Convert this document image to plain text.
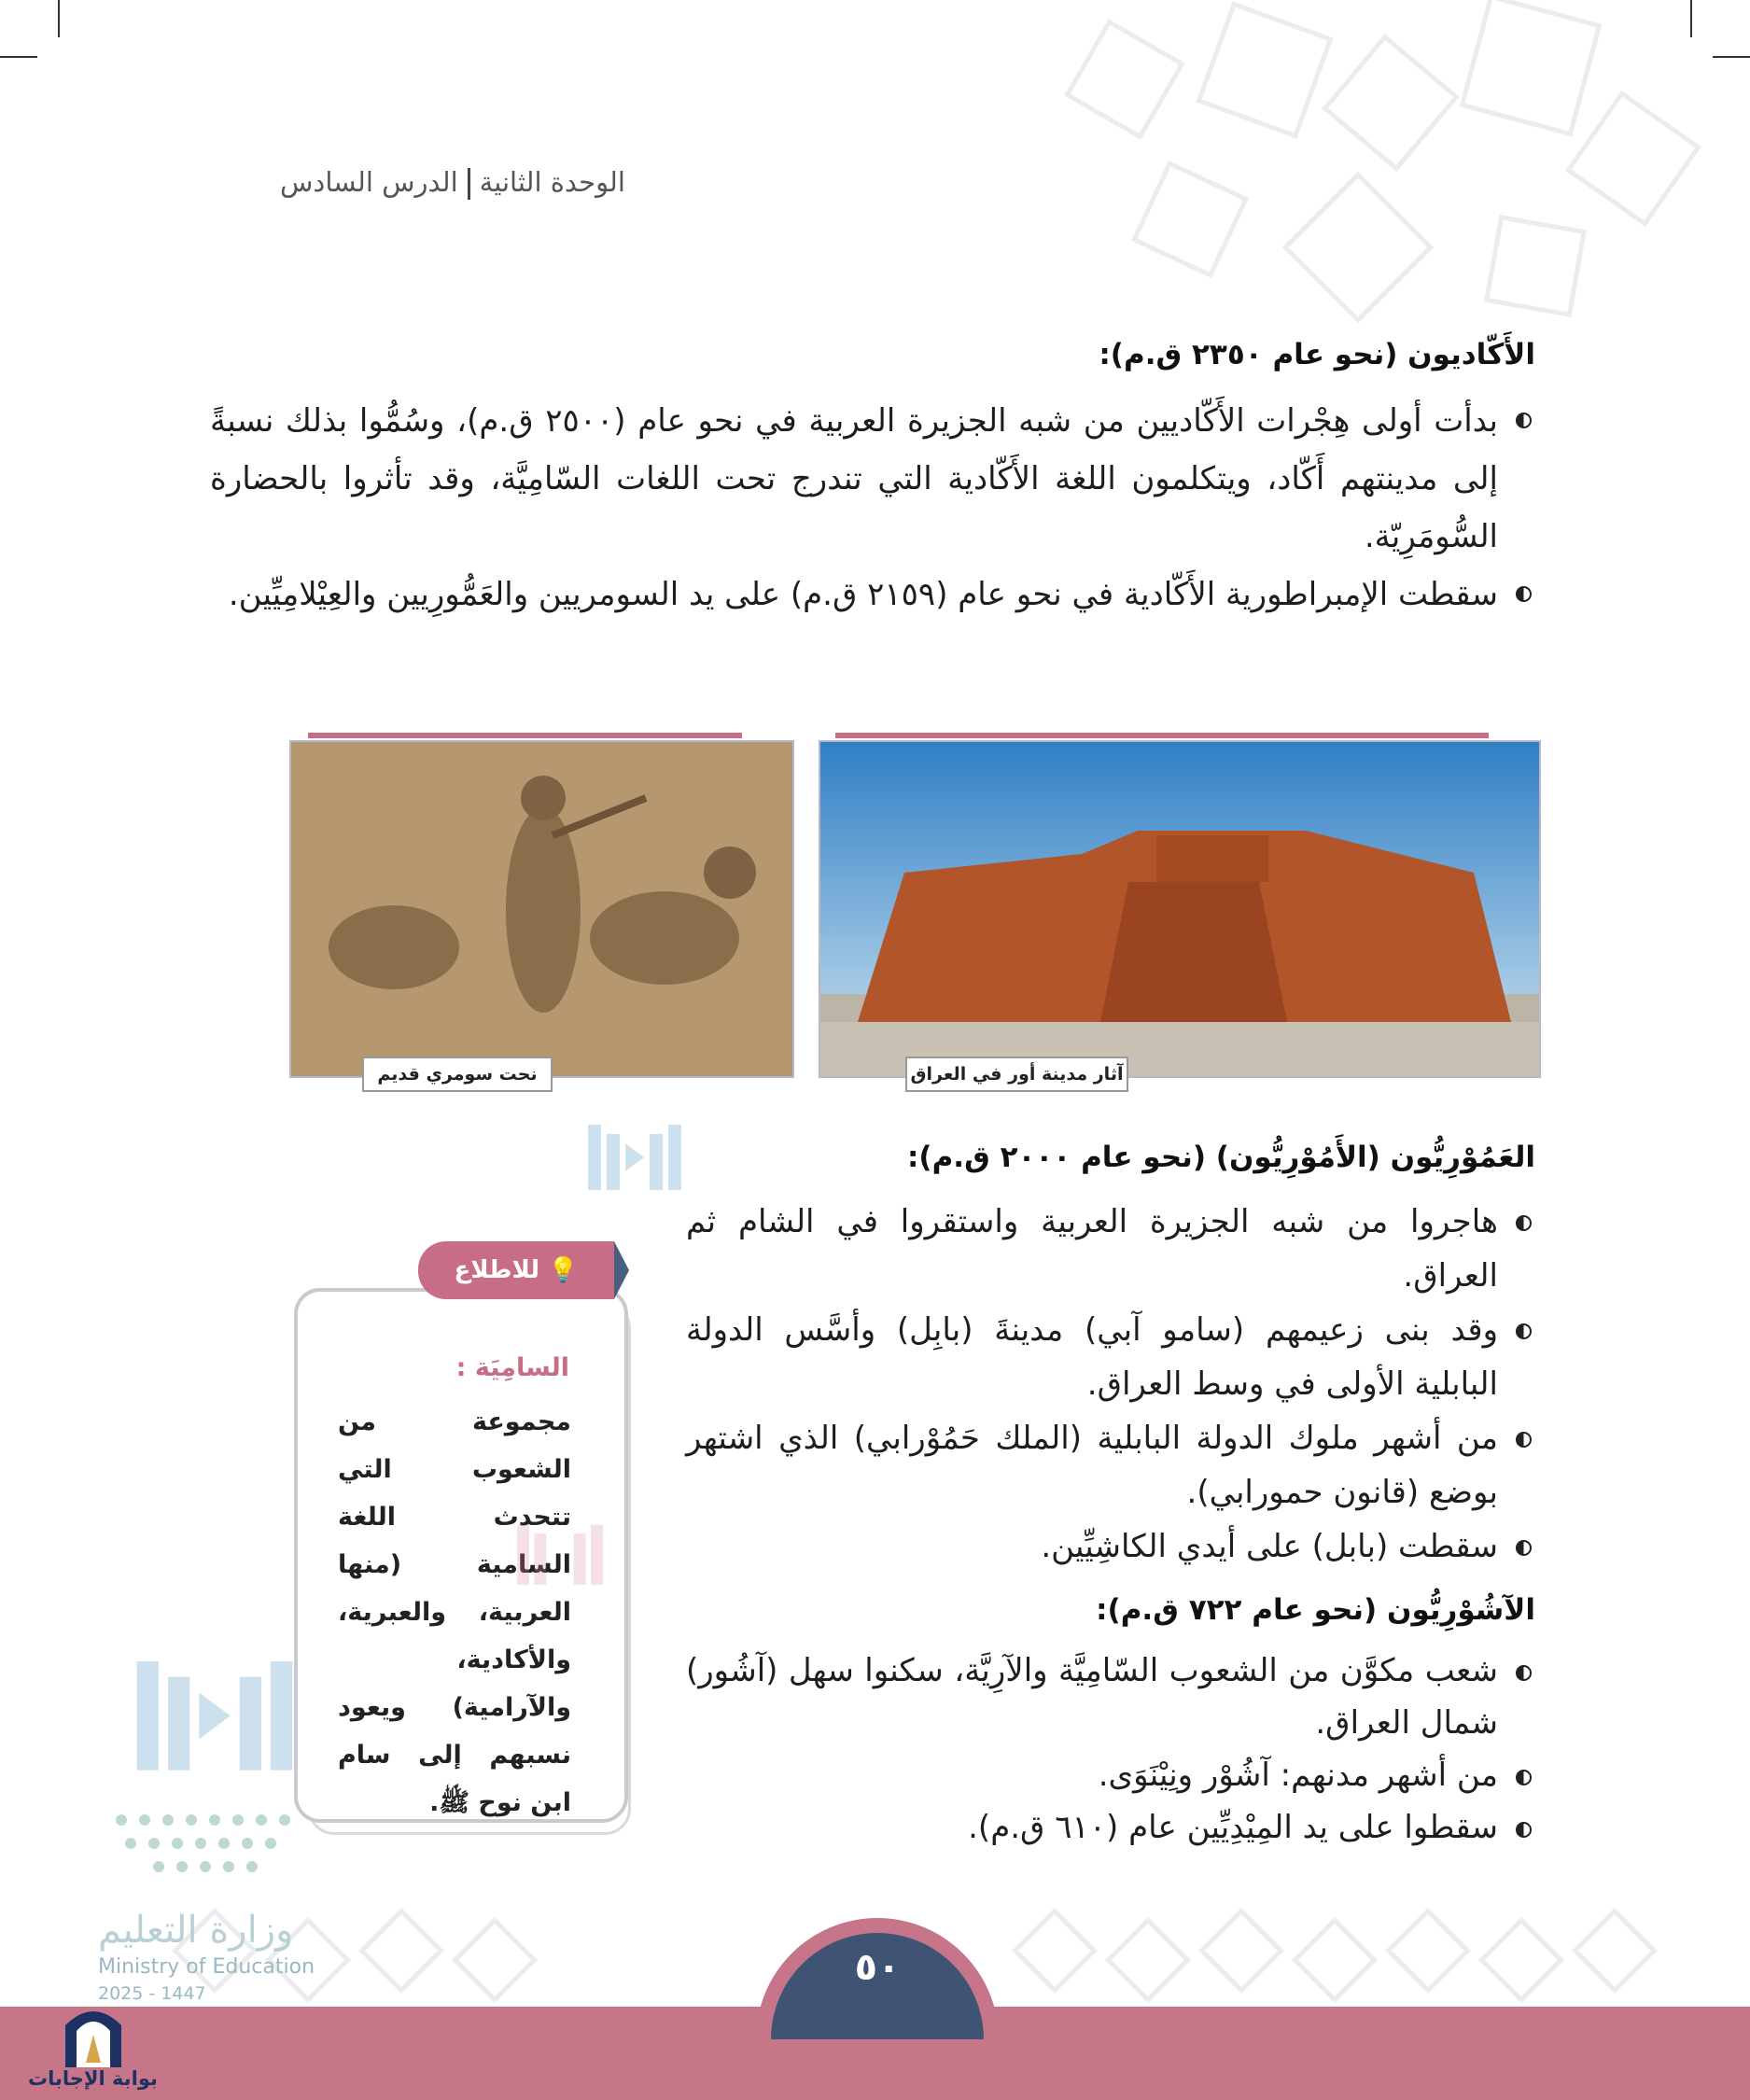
الوحدة الثانيةالدرس السادس
الأَكّاديون (نحو عام ٢٣٥٠ ق.م):
بدأت أولى هِجْرات الأَكّاديين من شبه الجزيرة العربية في نحو عام (٢٥٠٠ ق.م)، وسُمُّوا بذلك نسبةً إلى مدينتهم أَكّاد، ويتكلمون اللغة الأَكّادية التي تندرج تحت اللغات السّامِيَّة، وقد تأثروا بالحضارة السُّومَرِيّة.
سقطت الإمبراطورية الأَكّادية في نحو عام (٢١٥٩ ق.م) على يد السومريين والعَمُّورِيين والعِيْلامِيِّين.
آثار مدينة أور في العراق
نحت سومري قديم
العَمُوْرِيُّون (الأَمُوْرِيُّون) (نحو عام ٢٠٠٠ ق.م):
هاجروا من شبه الجزيرة العربية واستقروا في الشام ثم العراق.
وقد بنى زعيمهم (سامو آبي) مدينةَ (بابِل) وأسَّس الدولة البابلية الأولى في وسط العراق.
من أشهر ملوك الدولة البابلية (الملك حَمُوْرابي) الذي اشتهر بوضع (قانون حمورابي).
سقطت (بابل) على أيدي الكاشِيِّين.
الآشُوْرِيُّون (نحو عام ٧٢٢ ق.م):
شعب مكوَّن من الشعوب السّامِيَّة والآرِيَّة، سكنوا سهل (آشُور) شمال العراق.
من أشهر مدنهم: آشُوْر ونِيْنَوَى.
سقطوا على يد المِيْدِيِّين عام (٦١٠ ق.م).
💡 للاطلاع
السامِيَة :
مجموعة من الشعوب التي تتحدث اللغة السامية (منها العربية، والعبرية، والأكادية، والآرامية) ويعود نسبهم إلى سام ابن نوح ﷺ.
وزارة التعليم
Ministry of Education
2025 - 1447
٥٠
بوابة الإجابات
